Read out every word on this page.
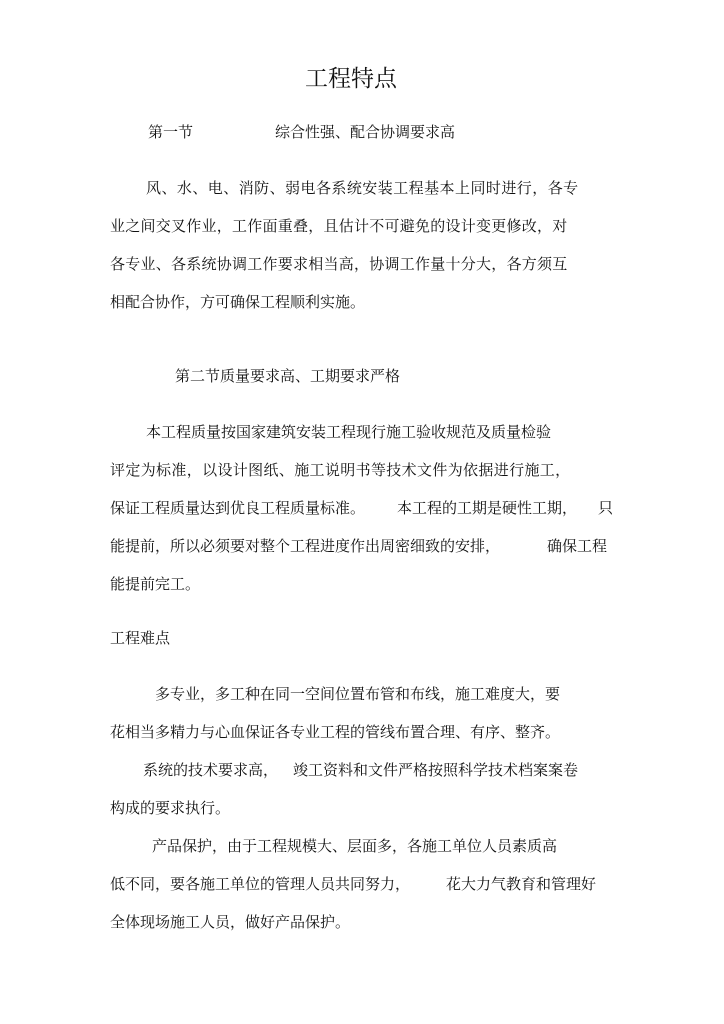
工程特点
第一节	综合性强、配合协调要求高
风、水、电、消防、弱电各系统安装工程基本上同时进行，各专
业之间交叉作业，工作面重叠，且估计不可避免的设计变更修改，对
各专业、各系统协调工作要求相当高，协调工作量十分大，各方须互
相配合协作，方可确保工程顺利实施。
第二节质量要求高、工期要求严格
本工程质量按国家建筑安装工程现行施工验收规范及质量检验
评定为标准，以设计图纸、施工说明书等技术文件为依据进行施工，
保证工程质量达到优良工程质量标准。 本工程的工期是硬性工期， 只
能提前，所以必须要对整个工程进度作出周密细致的安排，	确保工程
能提前完工。
工程难点
多专业，多工种在同一空间位置布管和布线，施工难度大，要
花相当多精力与心血保证各专业工程的管线布置合理、有序、整齐。
系统的技术要求高， 竣工资料和文件严格按照科学技术档案案卷
构成的要求执行。
产品保护，由于工程规模大、层面多，各施工单位人员素质高
低不同，要各施工单位的管理人员共同努力， 花大力气教育和管理好
全体现场施工人员，做好产品保护。
